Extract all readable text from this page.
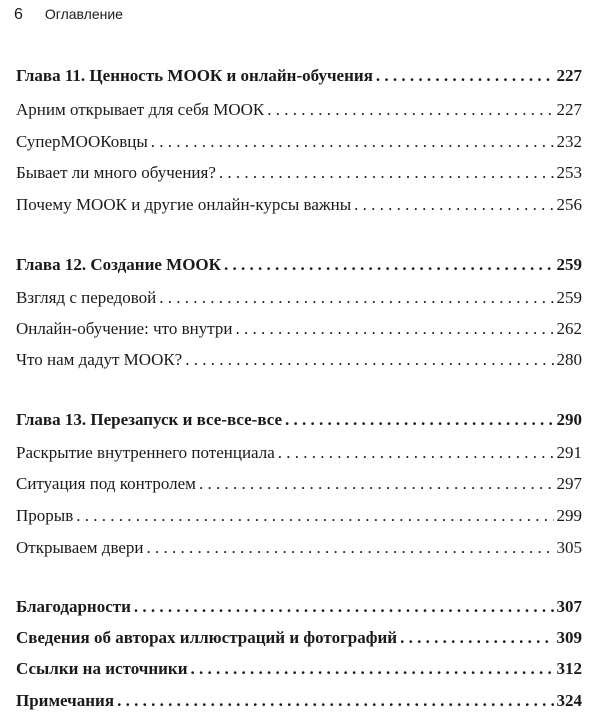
6 Оглавление
Глава 11. Ценность МООК и онлайн-обучения . . .	227
Арним открывает для себя МООК . . .	227
СуперМООКовцы . . .	232
Бывает ли много обучения? . . .	253
Почему МООК и другие онлайн-курсы важны . . .	256
Глава 12. Создание МООК . . .	259
Взгляд с передовой . . .	259
Онлайн-обучение: что внутри . . .	262
Что нам дадут МООК? . . .	280
Глава 13. Перезапуск и все-все-все . . .	290
Раскрытие внутреннего потенциала . . .	291
Ситуация под контролем . . .	297
Прорыв . . .	299
Открываем двери . . .	305
Благодарности . . .	307
Сведения об авторах иллюстраций и фотографий . . .	309
Ссылки на источники . . .	312
Примечания . . .	324
